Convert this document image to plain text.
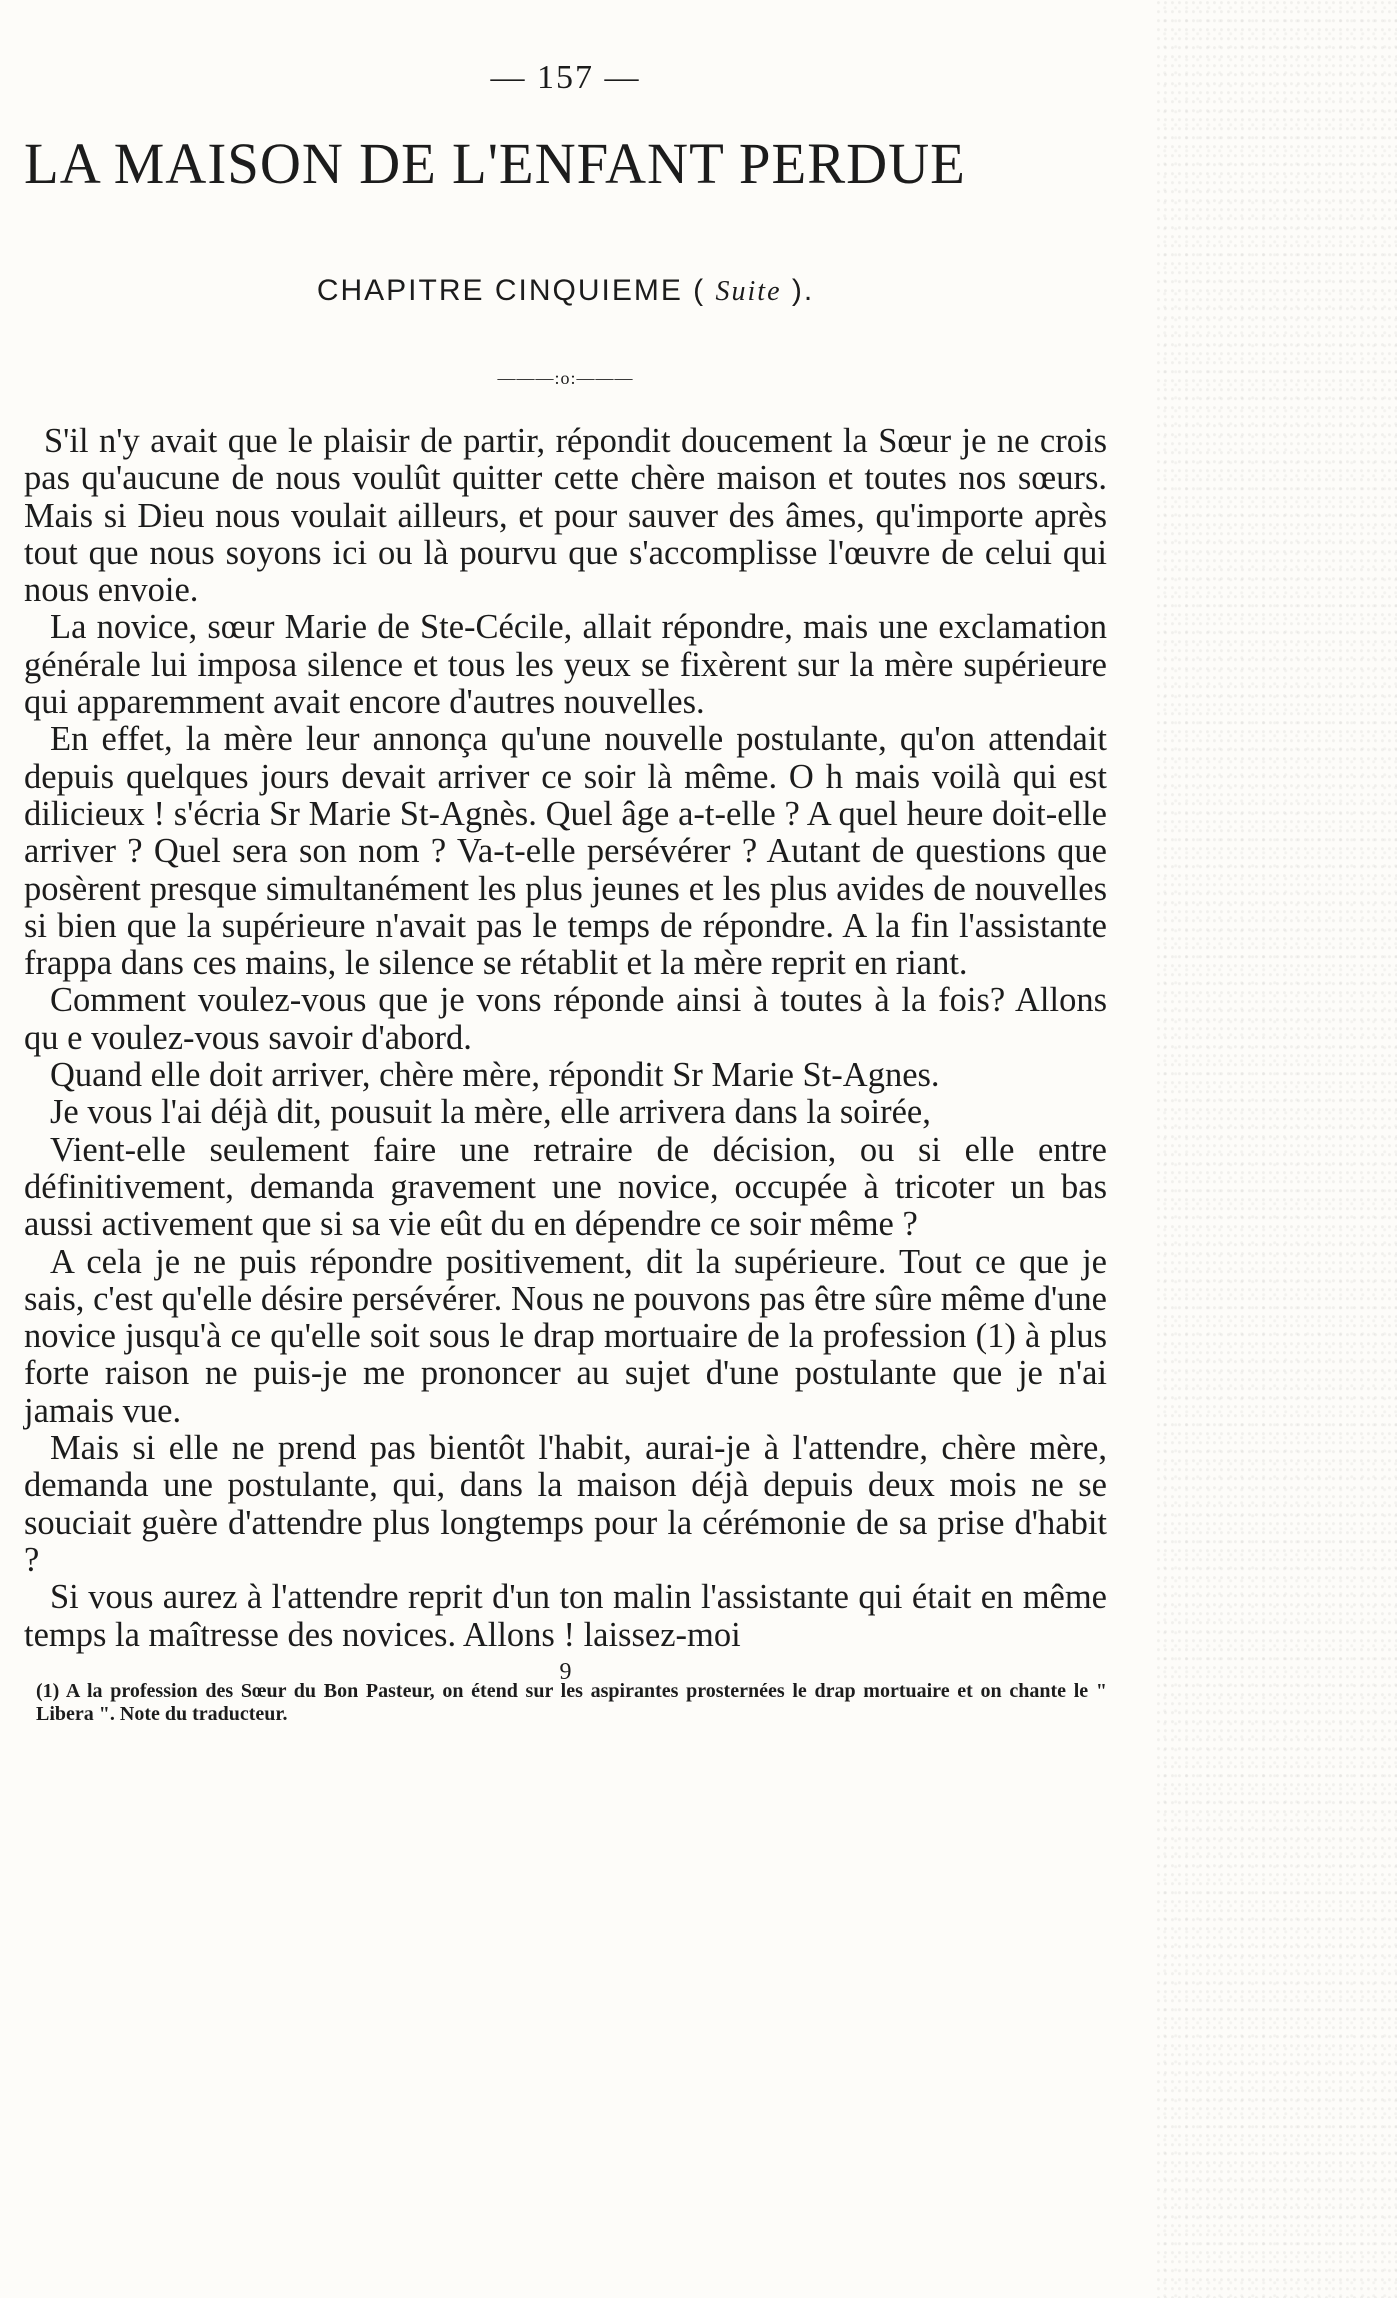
— 157 —
LA MAISON DE L'ENFANT PERDUE
CHAPITRE CINQUIEME ( Suite ).
———:o:———

S'il n'y avait que le plaisir de partir, répondit doucement la Sœur je ne crois pas qu'aucune de nous voulût quitter cette chère maison et toutes nos sœurs. Mais si Dieu nous voulait ailleurs, et pour sauver des âmes, qu'importe après tout que nous soyons ici ou là pourvu que s'accomplisse l'œuvre de celui qui nous envoie.

La novice, sœur Marie de Ste-Cécile, allait répondre, mais une exclamation générale lui imposa silence et tous les yeux se fixèrent sur la mère supérieure qui apparemment avait encore d'autres nouvelles.

En effet, la mère leur annonça qu'une nouvelle postulante, qu'on attendait depuis quelques jours devait arriver ce soir là même. O h mais voilà qui est dilicieux ! s'écria Sr Marie St-Agnès. Quel âge a-t-elle ? A quel heure doit-elle arriver ? Quel sera son nom ? Va-t-elle persévérer ? Autant de questions que posèrent presque simultanément les plus jeunes et les plus avides de nouvelles si bien que la supérieure n'avait pas le temps de répondre. A la fin l'assistante frappa dans ces mains, le silence se rétablit et la mère reprit en riant.

Comment voulez-vous que je vons réponde ainsi à toutes à la fois? Allons qu e voulez-vous savoir d'abord.

Quand elle doit arriver, chère mère, répondit Sr Marie St-Agnes.

Je vous l'ai déjà dit, pousuit la mère, elle arrivera dans la soirée,

Vient-elle seulement faire une retraire de décision, ou si elle entre définitivement, demanda gravement une novice, occupée à tricoter un bas aussi activement que si sa vie eût du en dépendre ce soir même ?

A cela je ne puis répondre positivement, dit la supérieure. Tout ce que je sais, c'est qu'elle désire persévérer. Nous ne pouvons pas être sûre même d'une novice jusqu'à ce qu'elle soit sous le drap mortuaire de la profession (1) à plus forte raison ne puis-je me prononcer au sujet d'une postulante que je n'ai jamais vue.

Mais si elle ne prend pas bientôt l'habit, aurai-je à l'attendre, chère mère, demanda une postulante, qui, dans la maison déjà depuis deux mois ne se souciait guère d'attendre plus longtemps pour la cérémonie de sa prise d'habit ?

Si vous aurez à l'attendre reprit d'un ton malin l'assistante qui était en même temps la maîtresse des novices. Allons ! laissez-moi

9

(1) A la profession des Sœur du Bon Pasteur, on étend sur les aspirantes prosternées le drap mortuaire et on chante le " Libera ". Note du traducteur.
